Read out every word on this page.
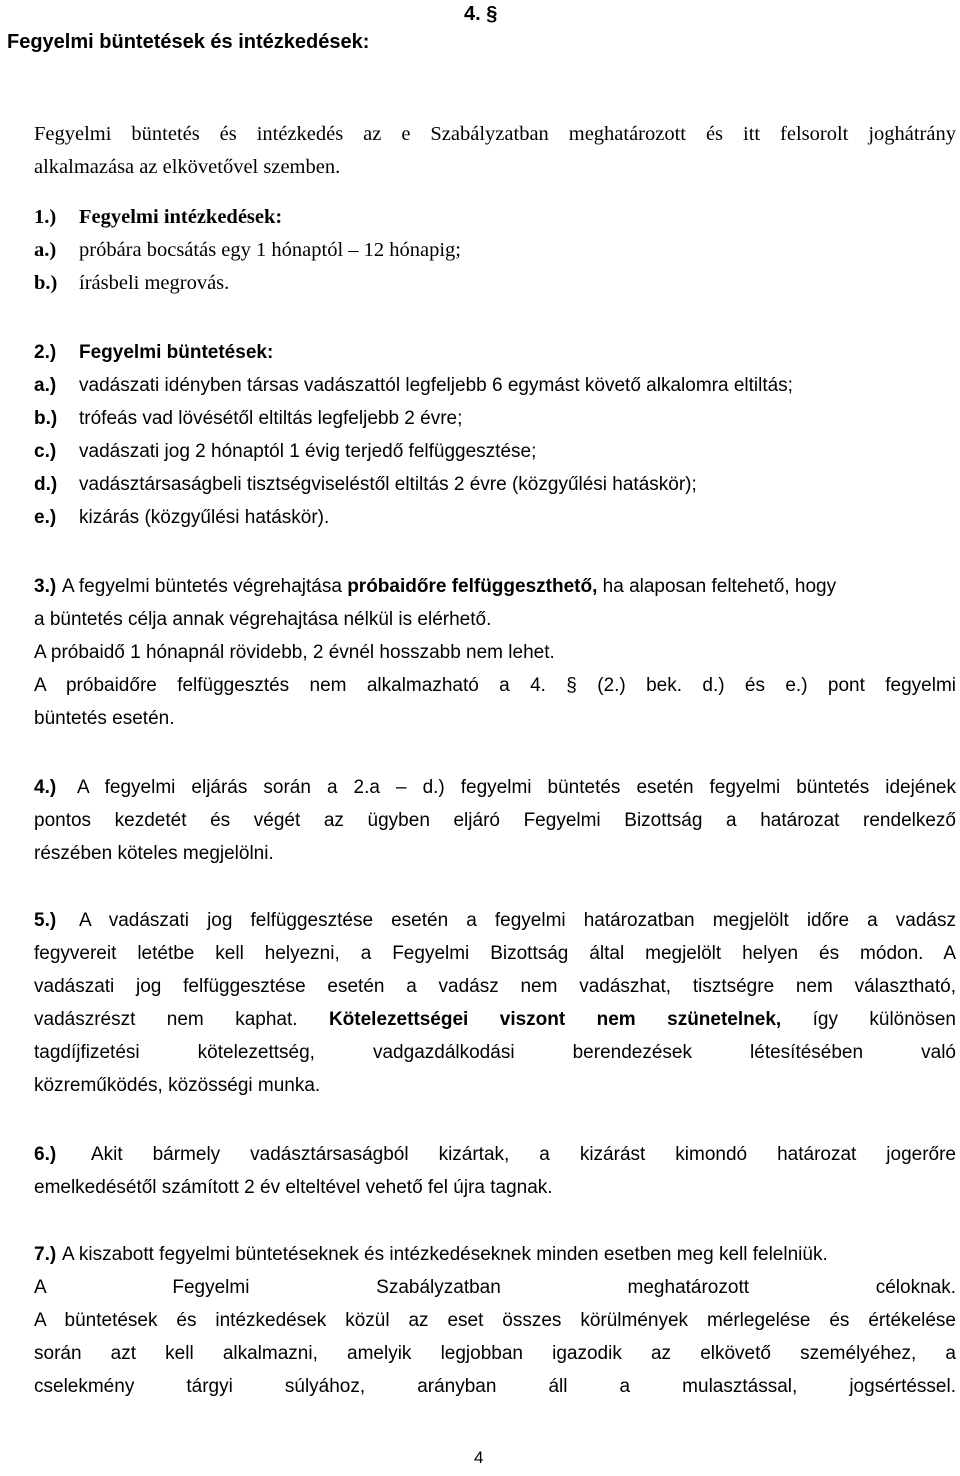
Fegyelmi büntetések és intézkedések:
4. §
Fegyelmi büntetés és intézkedés az e Szabályzatban meghatározott és itt felsorolt joghátrány
alkalmazása az elkövetővel szemben.
1.)	Fegyelmi intézkedések:
a.)	próbára bocsátás egy 1 hónaptól – 12 hónapig;
b.)	írásbeli megrovás.
2.)	Fegyelmi büntetések:
a.)	vadászati idényben társas vadászattól legfeljebb 6 egymást követő alkalomra eltiltás;
b.)	trófeás vad lövésétől eltiltás legfeljebb 2 évre;
c.)	vadászati jog 2 hónaptól 1 évig terjedő felfüggesztése;
d.)	vadásztársaságbeli tisztségviseléstől eltiltás 2 évre (közgyűlési hatáskör);
e.)	kizárás (közgyűlési hatáskör).
3.) A fegyelmi büntetés végrehajtása próbaidőre felfüggeszthető, ha alaposan feltehető, hogy
a büntetés célja annak végrehajtása nélkül is elérhető.
A próbaidő 1 hónapnál rövidebb, 2 évnél hosszabb nem lehet.
A próbaidőre felfüggesztés nem alkalmazható a 4. § (2.) bek. d.) és e.) pont fegyelmi
büntetés esetén.
4.) A fegyelmi eljárás során a 2.a – d.) fegyelmi büntetés esetén fegyelmi büntetés idejének
pontos kezdetét és végét az ügyben eljáró Fegyelmi Bizottság a határozat rendelkező
részében köteles megjelölni.
5.) A vadászati jog felfüggesztése esetén a fegyelmi határozatban megjelölt időre a vadász
fegyvereit letétbe kell helyezni, a Fegyelmi Bizottság által megjelölt helyen és módon. A
vadászati jog felfüggesztése esetén a vadász nem vadászhat, tisztségre nem választható,
vadászrészt nem kaphat. Kötelezettségei viszont nem szünetelnek, így különösen
tagdíjfizetési kötelezettség, vadgazdálkodási berendezések létesítésében való
közreműködés, közösségi munka.
6.) Akit bármely vadásztársaságból kizártak, a kizárást kimondó határozat jogerőre
emelkedésétől számított 2 év elteltével vehető fel újra tagnak.
7.) A kiszabott fegyelmi büntetéseknek és intézkedéseknek minden esetben meg kell felelniük.
A Fegyelmi Szabályzatban meghatározott céloknak.
A büntetések és intézkedések közül az eset összes körülmények mérlegelése és értékelése
során azt kell alkalmazni, amelyik legjobban igazodik az elkövető személyéhez, a
cselekmény tárgyi súlyához, arányban áll a mulasztással, jogsértéssel.
4
